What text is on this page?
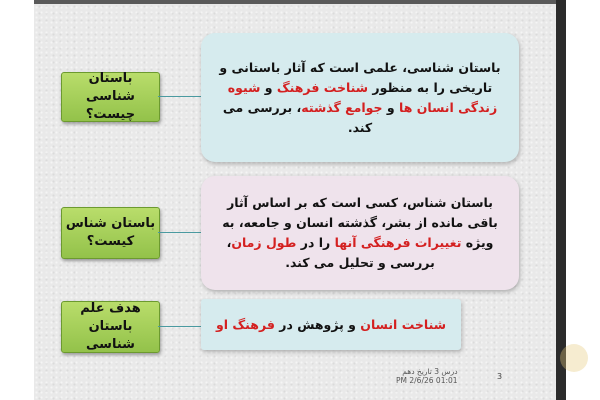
باستان شناسی
چیست؟
باستان شناسی، علمی است که آثار باستانی و تاریخی را به منظور شناخت فرهنگ و شیوه زندگی انسان ها و جوامع گذشته، بررسی می کند.
باستان شناس
کیست؟
باستان شناس، کسی است که بر اساس آثار باقی مانده از بشر، گذشته انسان و جامعه، به ویژه تغییرات فرهنگی آنها را در طول زمان، بررسی و تحلیل می کند.
هدف علم
باستان شناسی
شناخت انسان و پژوهش در فرهنگ او
درس 3 تاریخ دهم
01:01 PM 2/6/26	3
